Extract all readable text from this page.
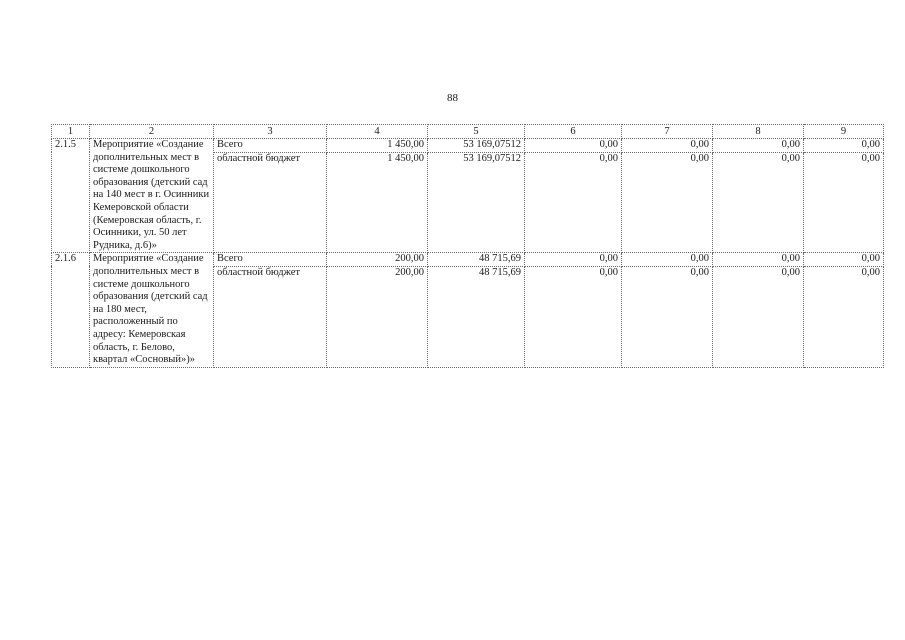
88
1	2	3	4	5	6	7	8	9
2.1.5	Мероприятие «Создание дополнительных мест в системе дошкольного образования (детский сад на 140 мест в г. Осинники Кемеровской области (Кемеровская область, г. Осинники, ул. 50 лет Рудника, д.6)»	Всего	1 450,00	53 169,07512	0,00	0,00	0,00	0,00
		областной бюджет	1 450,00	53 169,07512	0,00	0,00	0,00	0,00
2.1.6	Мероприятие «Создание дополнительных мест в системе дошкольного образования (детский сад на 180 мест, расположенный по адресу: Кемеровская область, г. Белово, квартал «Сосновый»)»	Всего	200,00	48 715,69	0,00	0,00	0,00	0,00
		областной бюджет	200,00	48 715,69	0,00	0,00	0,00	0,00
